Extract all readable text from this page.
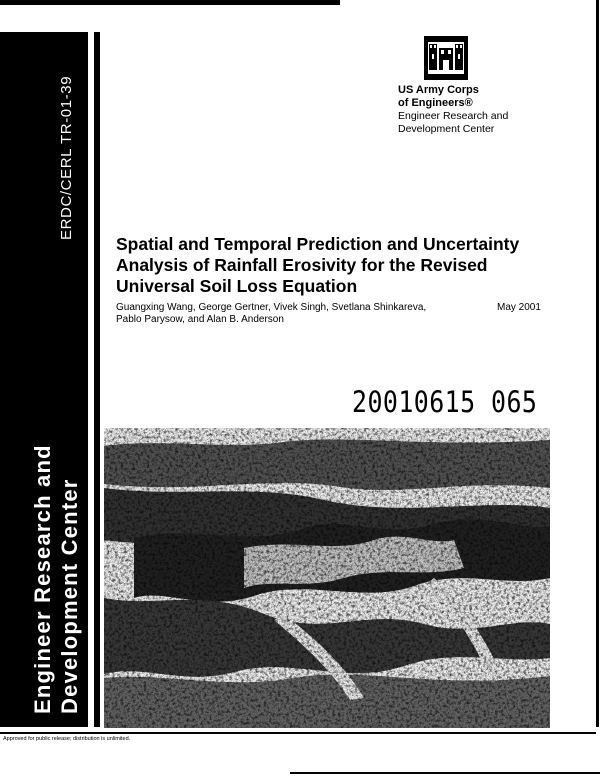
ERDC/CERL TR-01-39
Engineer Research and Development Center
US Army Corps
of Engineers®
Engineer Research and
Development Center
Spatial and Temporal Prediction and Uncertainty Analysis of Rainfall Erosivity for the Revised Universal Soil Loss Equation
Guangxing Wang, George Gertner, Vivek Singh, Svetlana Shinkareva, Pablo Parysow, and Alan B. Anderson
May 2001
20010615 065
Approved for public release; distribution is unlimited.
